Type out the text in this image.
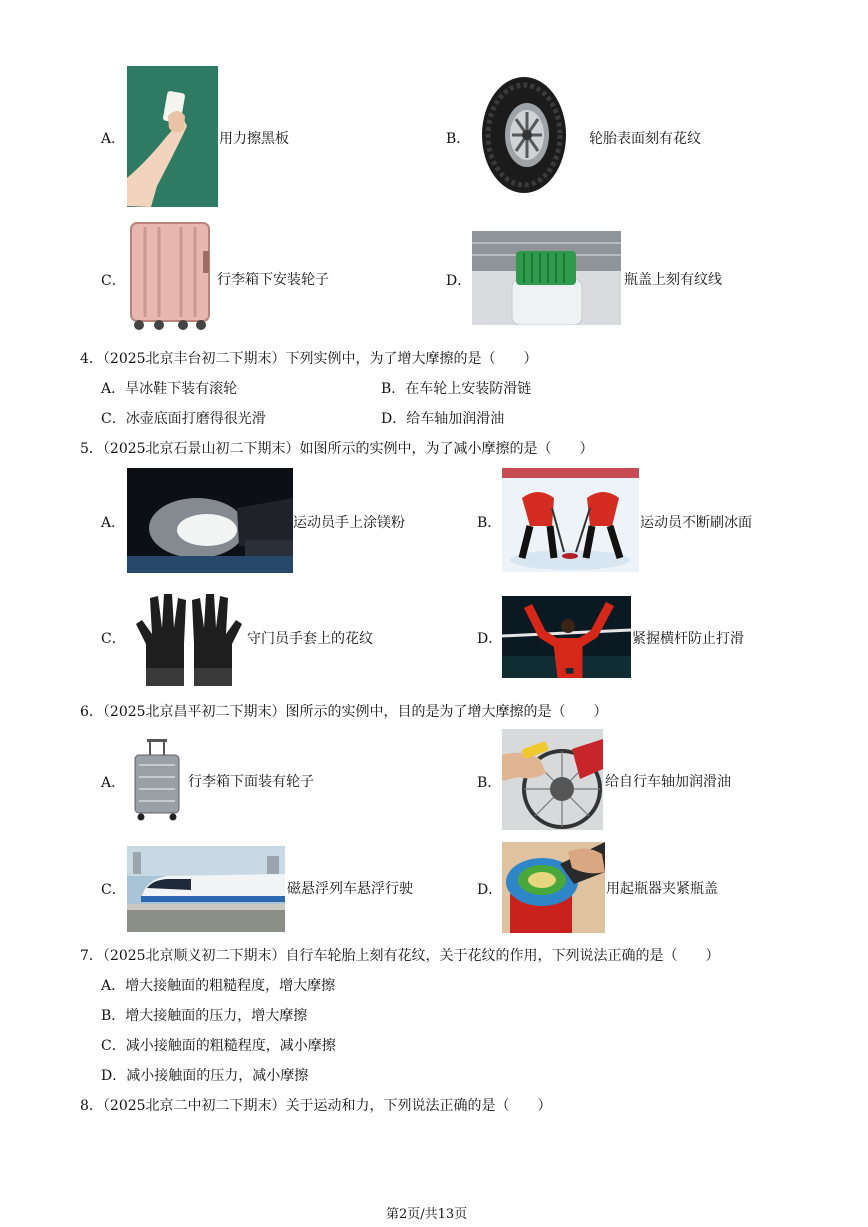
A．	用力擦黑板	B．	轮胎表面刻有花纹
C．	行李箱下安装轮子	D．	瓶盖上刻有纹线
4．（2025北京丰台初二下期末）下列实例中，为了增大摩擦的是（　　）
A．旱冰鞋下装有滚轮	B．在车轮上安装防滑链
C．冰壶底面打磨得很光滑	D．给车轴加润滑油
5．（2025北京石景山初二下期末）如图所示的实例中，为了减小摩擦的是（　　）
A．	运动员手上涂镁粉	B．	运动员不断刷冰面
C．	守门员手套上的花纹	D．	紧握横杆防止打滑
6．（2025北京昌平初二下期末）图所示的实例中，目的是为了增大摩擦的是（　　）
A．	行李箱下面装有轮子	B．	给自行车轴加润滑油
C．	磁悬浮列车悬浮行驶	D．	用起瓶器夹紧瓶盖
7．（2025北京顺义初二下期末）自行车轮胎上刻有花纹，关于花纹的作用，下列说法正确的是（　　）
A．增大接触面的粗糙程度，增大摩擦
B．增大接触面的压力，增大摩擦
C．减小接触面的粗糙程度，减小摩擦
D．减小接触面的压力，减小摩擦
8．（2025北京二中初二下期末）关于运动和力，下列说法正确的是（　　）
第2页/共13页
